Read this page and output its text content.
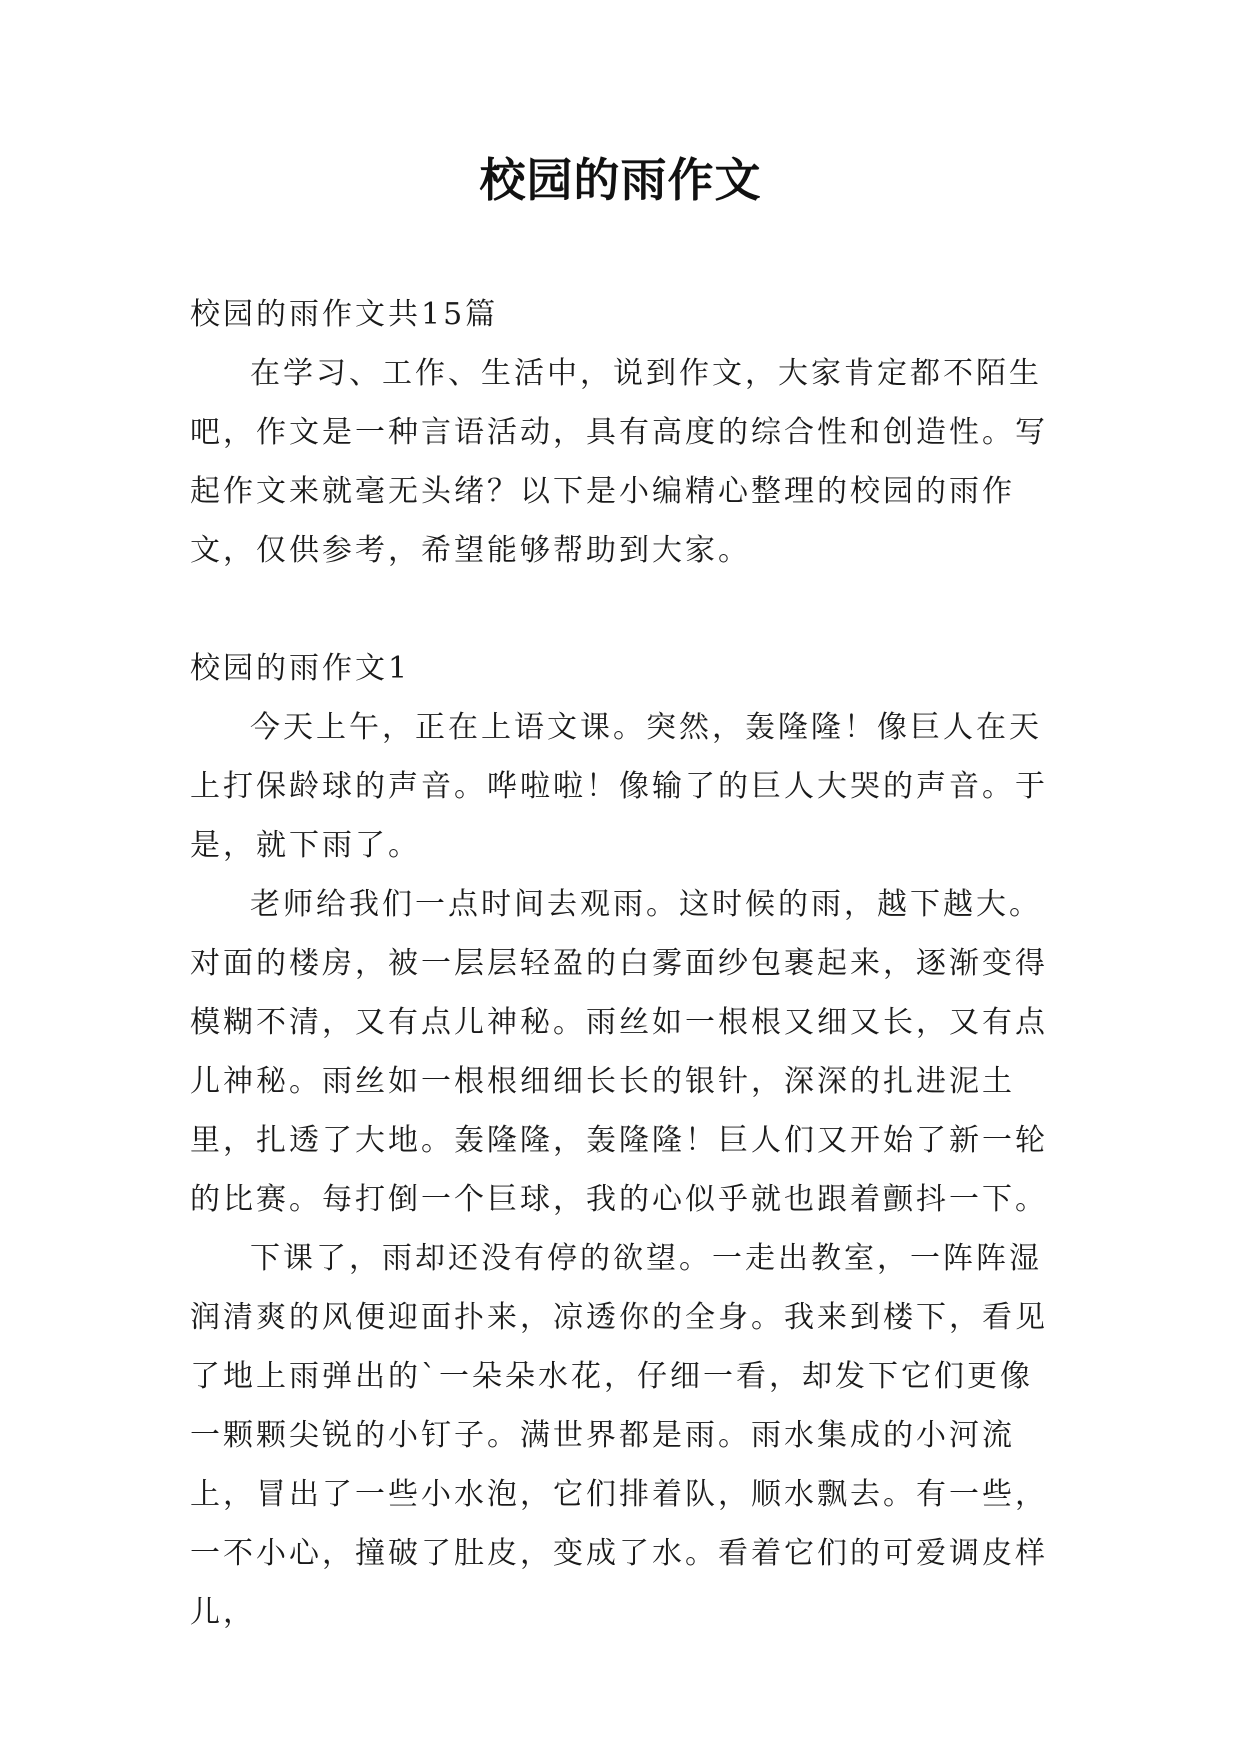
校园的雨作文

校园的雨作文共15篇

在学习、工作、生活中，说到作文，大家肯定都不陌生吧，作文是一种言语活动，具有高度的综合性和创造性。写起作文来就毫无头绪？以下是小编精心整理的校园的雨作文，仅供参考，希望能够帮助到大家。

校园的雨作文1

今天上午，正在上语文课。突然，轰隆隆！像巨人在天上打保龄球的声音。哗啦啦！像输了的巨人大哭的声音。于是，就下雨了。

老师给我们一点时间去观雨。这时候的雨，越下越大。对面的楼房，被一层层轻盈的白雾面纱包裹起来，逐渐变得模糊不清，又有点儿神秘。雨丝如一根根又细又长，又有点儿神秘。雨丝如一根根细细长长的银针，深深的扎进泥土里，扎透了大地。轰隆隆，轰隆隆！巨人们又开始了新一轮的比赛。每打倒一个巨球，我的心似乎就也跟着颤抖一下。

下课了，雨却还没有停的欲望。一走出教室，一阵阵湿润清爽的风便迎面扑来，凉透你的全身。我来到楼下，看见了地上雨弹出的`一朵朵水花，仔细一看，却发下它们更像一颗颗尖锐的小钉子。满世界都是雨。雨水集成的小河流上，冒出了一些小水泡，它们排着队，顺水飘去。有一些，一不小心，撞破了肚皮，变成了水。看着它们的可爱调皮样儿，
